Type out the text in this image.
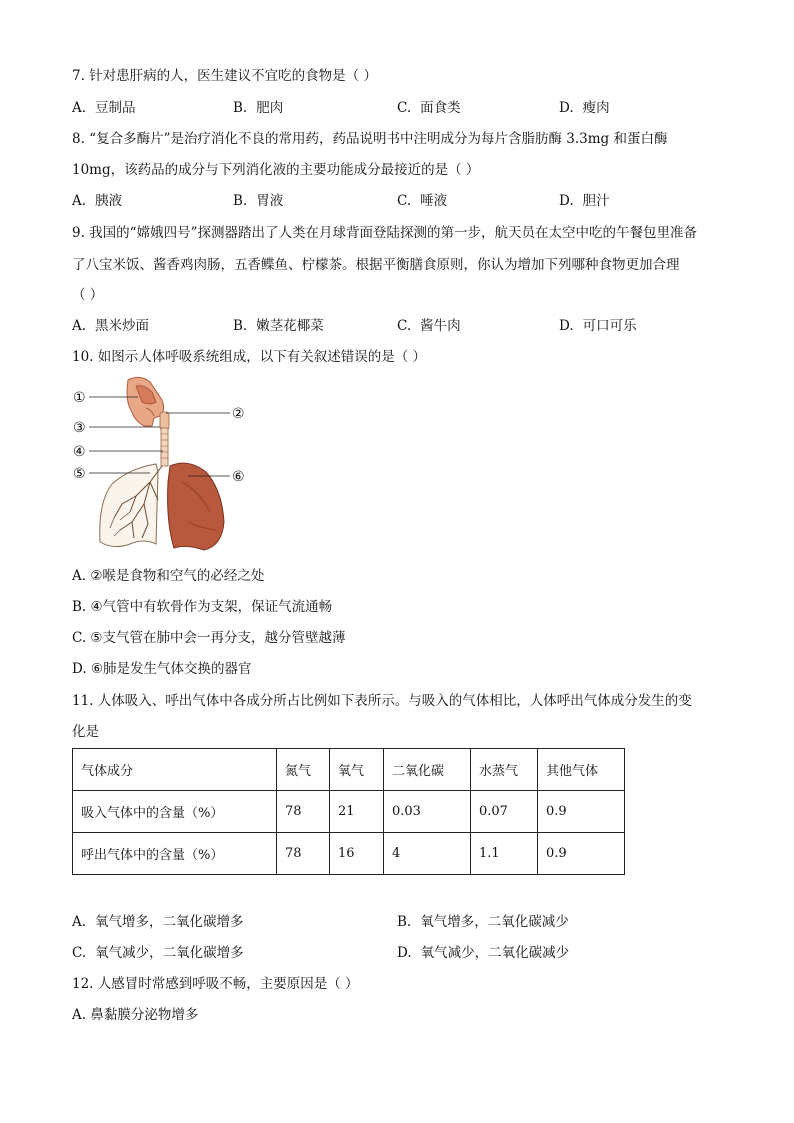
7. 针对患肝病的人，医生建议不宜吃的食物是（ ）
A. 豆制品	B. 肥肉	C. 面食类	D. 瘦肉
8. “复合多酶片”是治疗消化不良的常用药，药品说明书中注明成分为每片含脂肪酶 3.3mg 和蛋白酶
10mg，该药品的成分与下列消化液的主要功能成分最接近的是（ ）
A. 胰液	B. 胃液	C. 唾液	D. 胆汁
9. 我国的“嫦娥四号”探测器踏出了人类在月球背面登陆探测的第一步，航天员在太空中吃的午餐包里准备
了八宝米饭、酱香鸡肉肠，五香鲽鱼、柠檬茶。根据平衡膳食原则，你认为增加下列哪种食物更加合理
（ ）
A. 黑米炒面	B. 嫩茎花椰菜	C. 酱牛肉	D. 可口可乐
10. 如图示人体呼吸系统组成，以下有关叙述错误的是（ ）
①
②
③
④
⑤	⑥
A. ②喉是食物和空气的必经之处
B. ④气管中有软骨作为支架，保证气流通畅
C. ⑤支气管在肺中会一再分支，越分管壁越薄
D. ⑥肺是发生气体交换的器官
11. 人体吸入、呼出气体中各成分所占比例如下表所示。与吸入的气体相比，人体呼出气体成分发生的变
化是
气体成分	氮气	氧气	二氧化碳	水蒸气	其他气体
吸入气体中的含量（%）	78	21	0.03	0.07	0.9
呼出气体中的含量（%）	78	16	4	1.1	0.9
A. 氧气增多，二氧化碳增多	B. 氧气增多，二氧化碳减少
C. 氧气减少，二氧化碳增多	D. 氧气减少，二氧化碳减少
12. 人感冒时常感到呼吸不畅，主要原因是（ ）
A. 鼻黏膜分泌物增多
